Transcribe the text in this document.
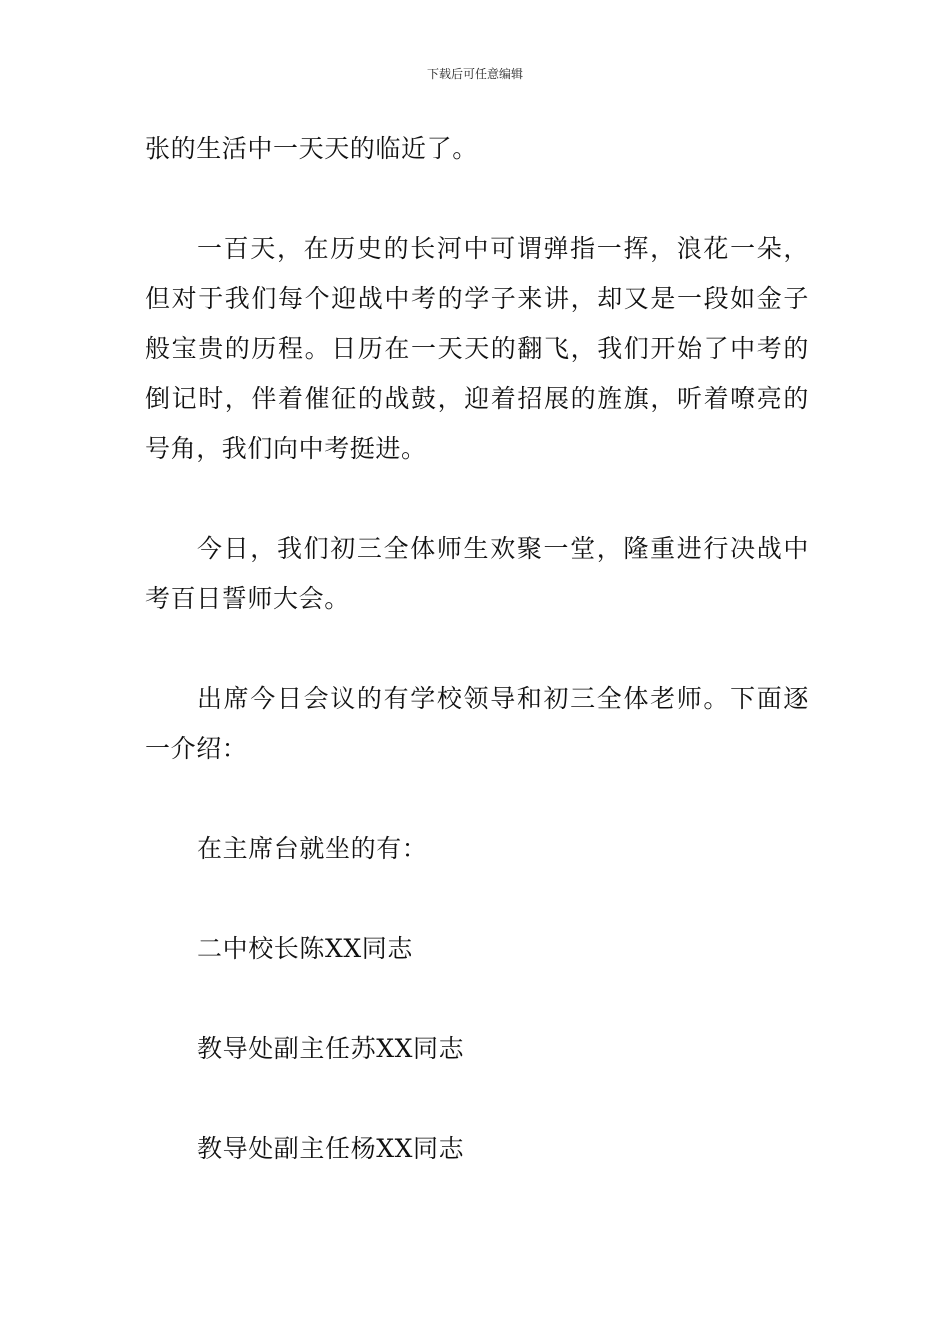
下载后可任意编辑

张的生活中一天天的临近了。

一百天，在历史的长河中可谓弹指一挥，浪花一朵，但对于我们每个迎战中考的学子来讲，却又是一段如金子般宝贵的历程。日历在一天天的翻飞，我们开始了中考的倒记时，伴着催征的战鼓，迎着招展的旌旗，听着嘹亮的号角，我们向中考挺进。

今日，我们初三全体师生欢聚一堂，隆重进行决战中考百日誓师大会。

出席今日会议的有学校领导和初三全体老师。下面逐一介绍：

在主席台就坐的有：

二中校长陈XX同志

教导处副主任苏XX同志

教导处副主任杨XX同志
